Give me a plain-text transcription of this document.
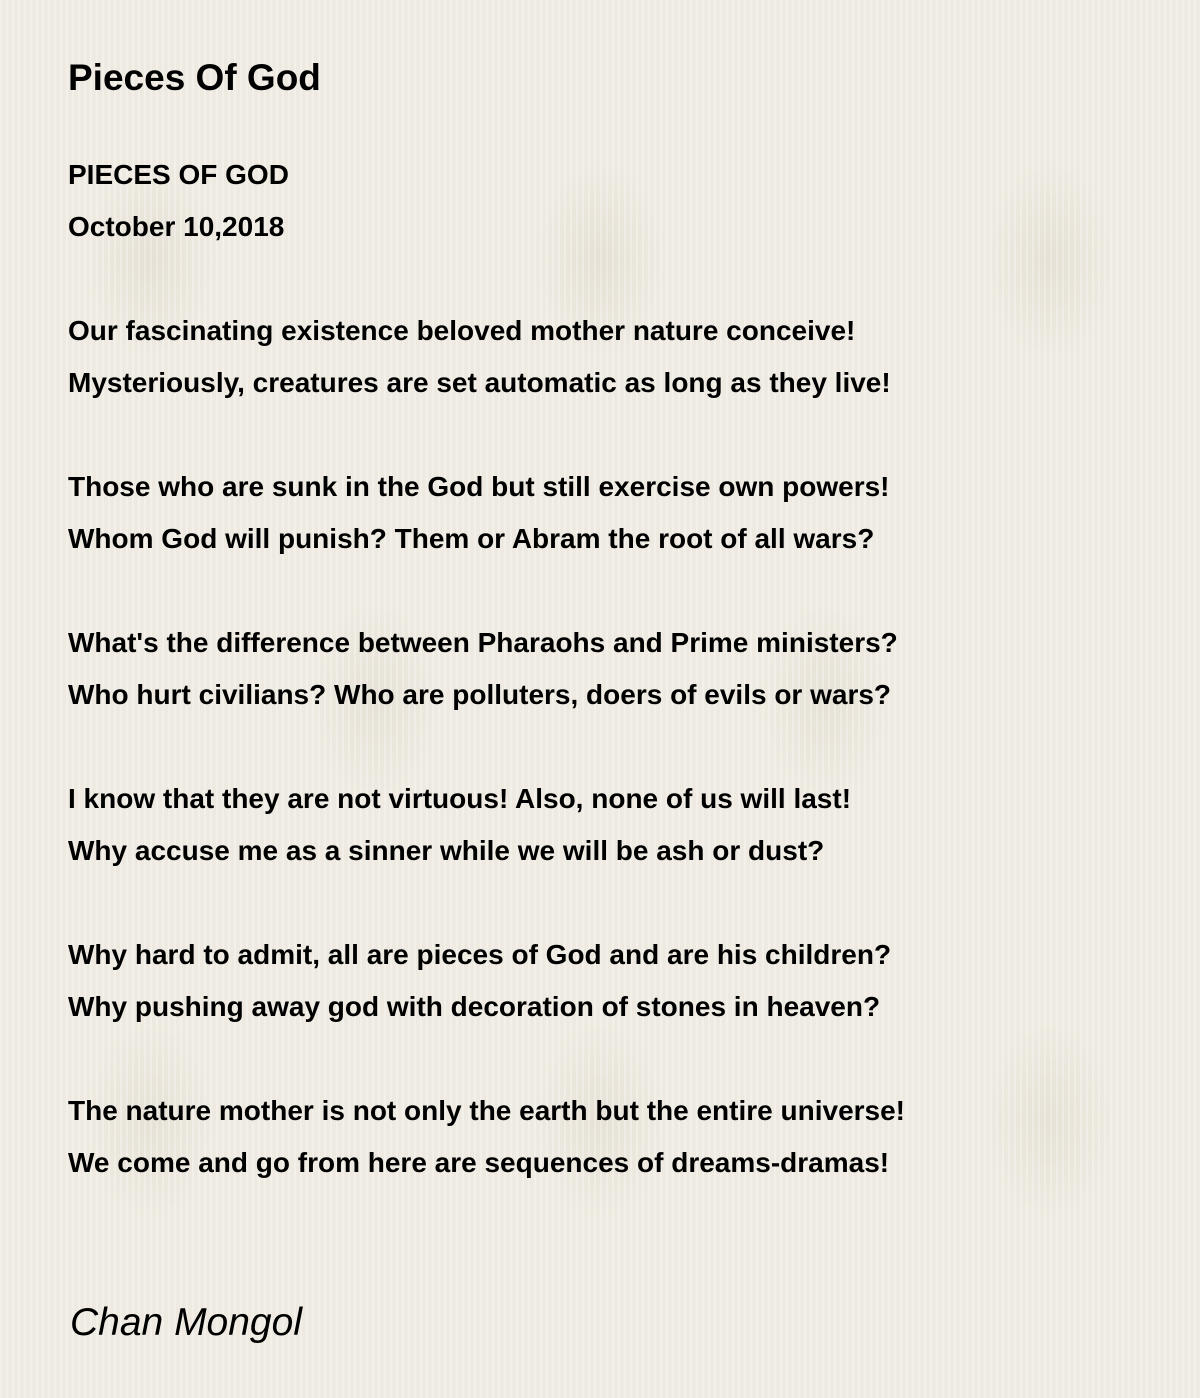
Pieces Of God
PIECES OF GOD
October 10,2018
Our fascinating existence beloved mother nature conceive!
Mysteriously, creatures are set automatic as long as they live!
Those who are sunk in the God but still exercise own powers!
Whom God will punish? Them or Abram the root of all wars?
What's the difference between Pharaohs and Prime ministers?
Who hurt civilians? Who are polluters, doers of evils or wars?
I know that they are not virtuous! Also, none of us will last!
Why accuse me as a sinner while we will be ash or dust?
Why hard to admit, all are pieces of God and are his children?
Why pushing away god with decoration of stones in heaven?
The nature mother is not only the earth but the entire universe!
We come and go from here are sequences of dreams-dramas!
Chan Mongol
